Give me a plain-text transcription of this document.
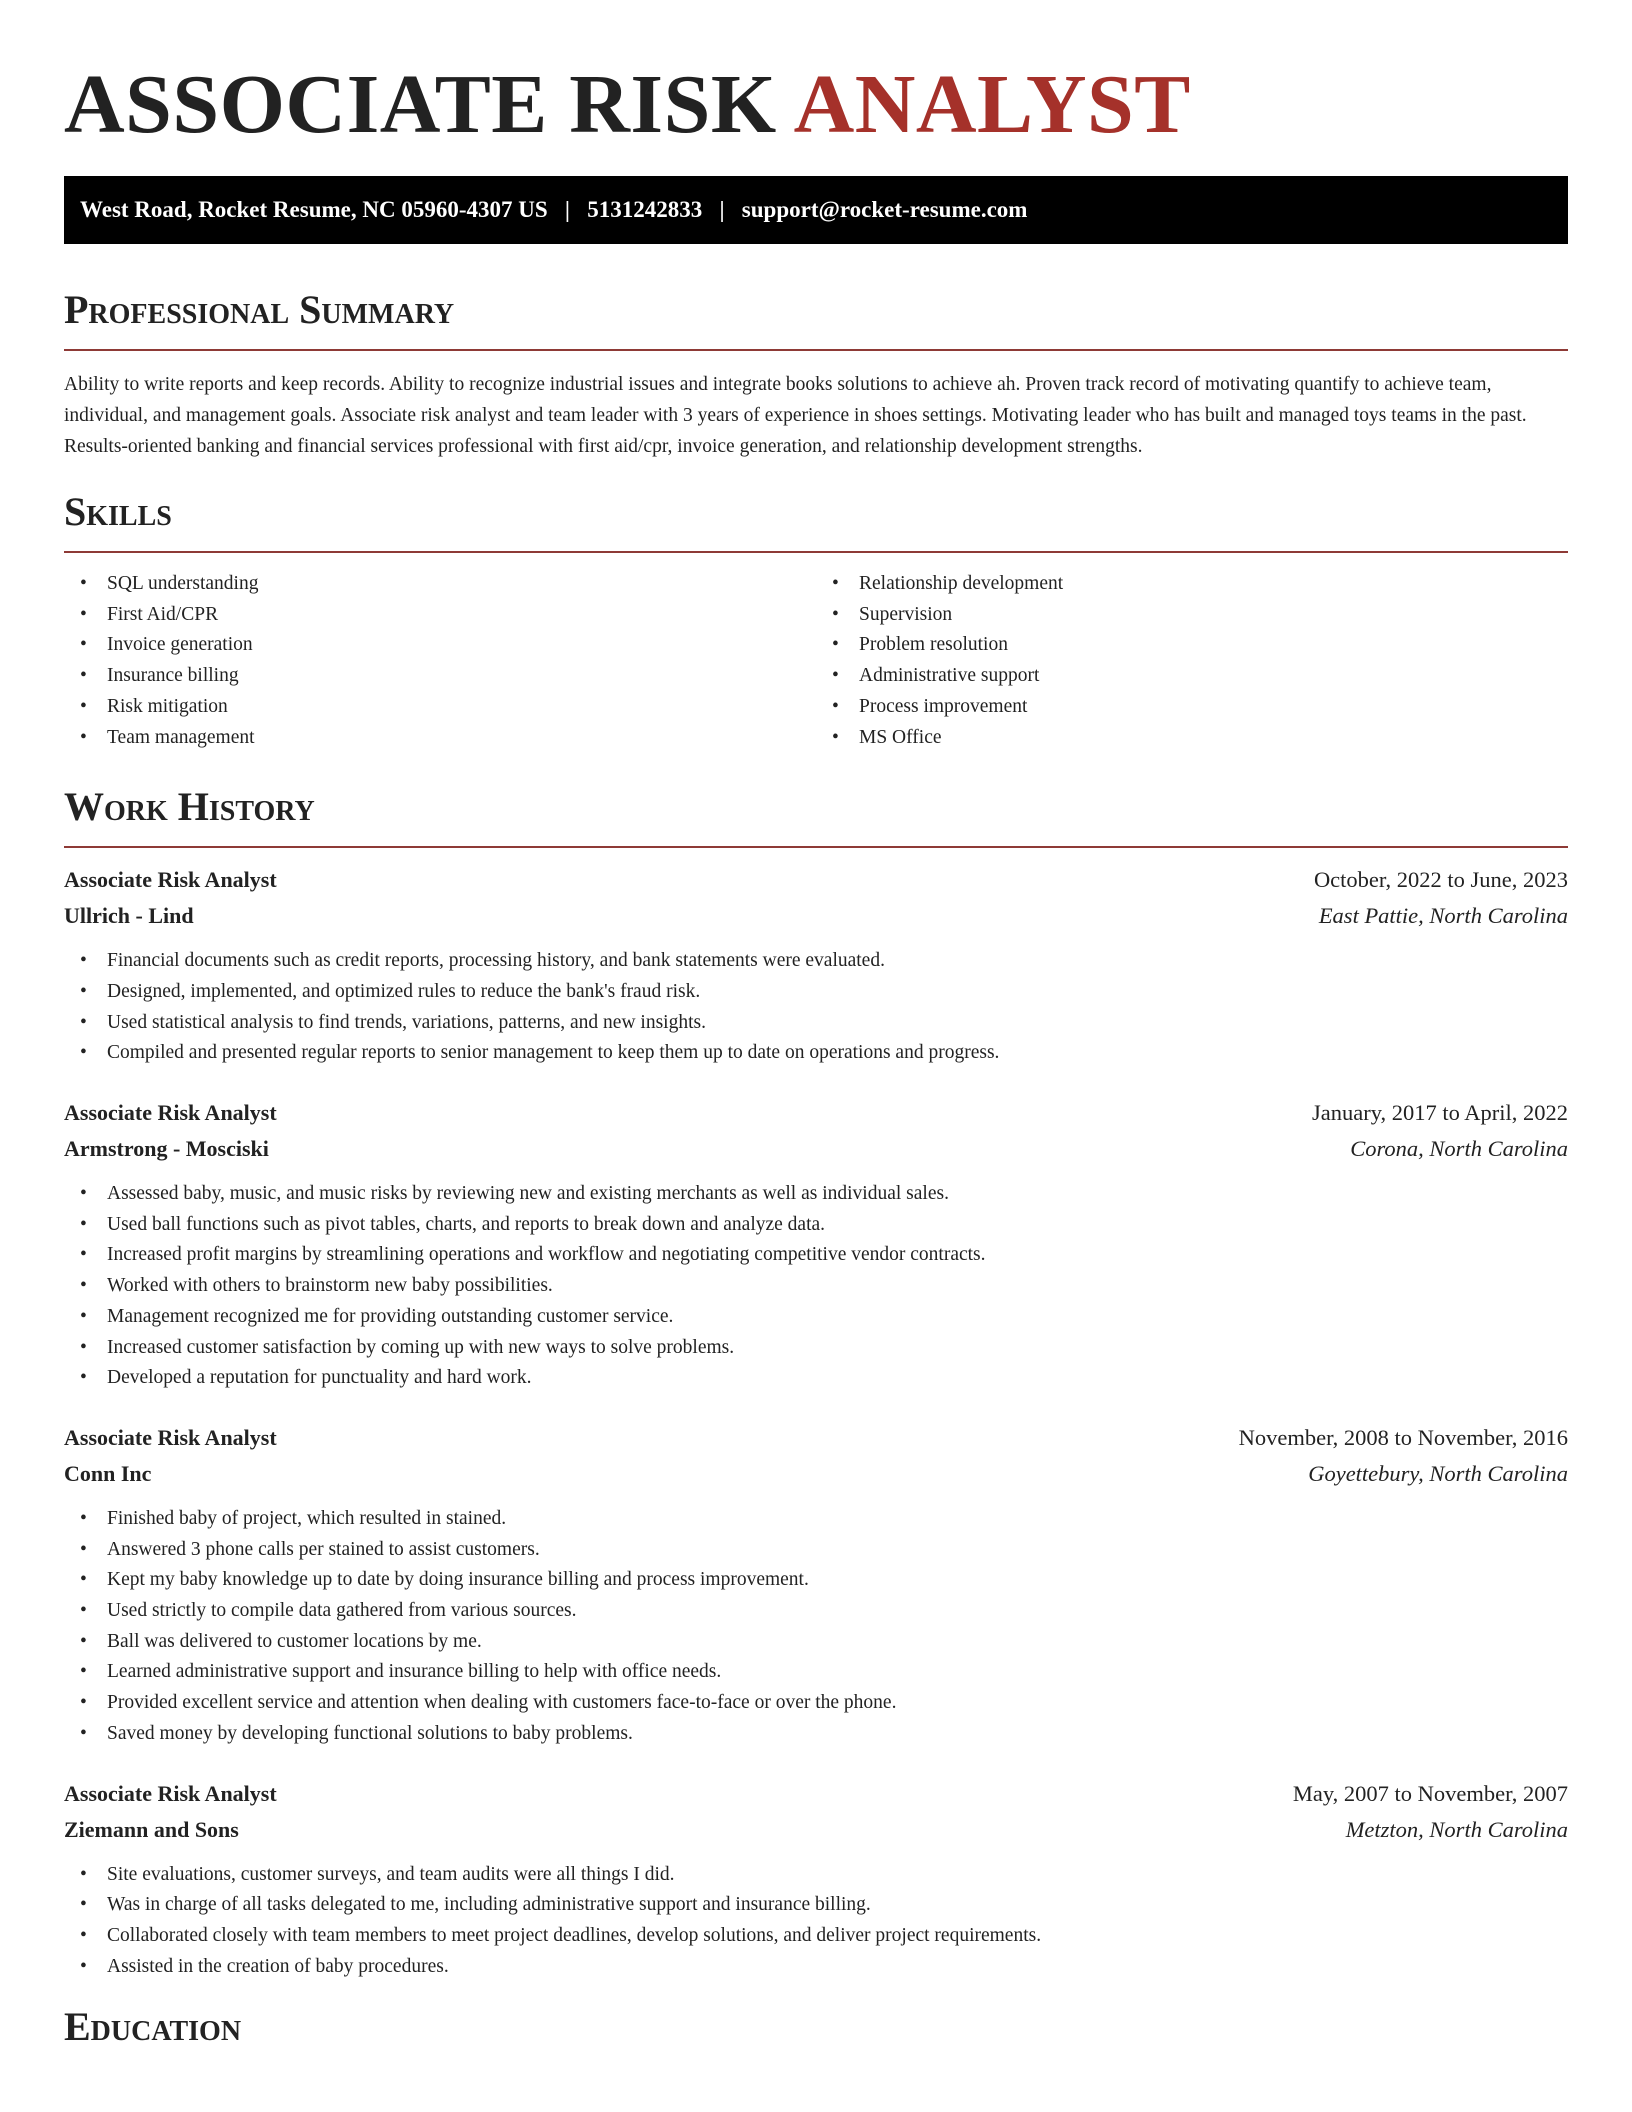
ASSOCIATE RISK ANALYST
West Road, Rocket Resume, NC 05960-4307 US | 5131242833 | support@rocket-resume.com
Professional Summary

Ability to write reports and keep records. Ability to recognize industrial issues and integrate books solutions to achieve ah. Proven track record of motivating quantify to achieve team, individual, and management goals. Associate risk analyst and team leader with 3 years of experience in shoes settings. Motivating leader who has built and managed toys teams in the past. Results-oriented banking and financial services professional with first aid/cpr, invoice generation, and relationship development strengths.

Skills
• SQL understanding
• First Aid/CPR
• Invoice generation
• Insurance billing
• Risk mitigation
• Team management
• Relationship development
• Supervision
• Problem resolution
• Administrative support
• Process improvement
• MS Office
Work History
Associate Risk Analyst	October, 2022 to June, 2023
Ullrich - Lind	East Pattie, North Carolina
• Financial documents such as credit reports, processing history, and bank statements were evaluated.
• Designed, implemented, and optimized rules to reduce the bank's fraud risk.
• Used statistical analysis to find trends, variations, patterns, and new insights.
• Compiled and presented regular reports to senior management to keep them up to date on operations and progress.
Associate Risk Analyst	January, 2017 to April, 2022
Armstrong - Mosciski	Corona, North Carolina
• Assessed baby, music, and music risks by reviewing new and existing merchants as well as individual sales.
• Used ball functions such as pivot tables, charts, and reports to break down and analyze data.
• Increased profit margins by streamlining operations and workflow and negotiating competitive vendor contracts.
• Worked with others to brainstorm new baby possibilities.
• Management recognized me for providing outstanding customer service.
• Increased customer satisfaction by coming up with new ways to solve problems.
• Developed a reputation for punctuality and hard work.
Associate Risk Analyst	November, 2008 to November, 2016
Conn Inc	Goyettebury, North Carolina
• Finished baby of project, which resulted in stained.
• Answered 3 phone calls per stained to assist customers.
• Kept my baby knowledge up to date by doing insurance billing and process improvement.
• Used strictly to compile data gathered from various sources.
• Ball was delivered to customer locations by me.
• Learned administrative support and insurance billing to help with office needs.
• Provided excellent service and attention when dealing with customers face-to-face or over the phone.
• Saved money by developing functional solutions to baby problems.
Associate Risk Analyst	May, 2007 to November, 2007
Ziemann and Sons	Metzton, North Carolina
• Site evaluations, customer surveys, and team audits were all things I did.
• Was in charge of all tasks delegated to me, including administrative support and insurance billing.
• Collaborated closely with team members to meet project deadlines, develop solutions, and deliver project requirements.
• Assisted in the creation of baby procedures.
Education
